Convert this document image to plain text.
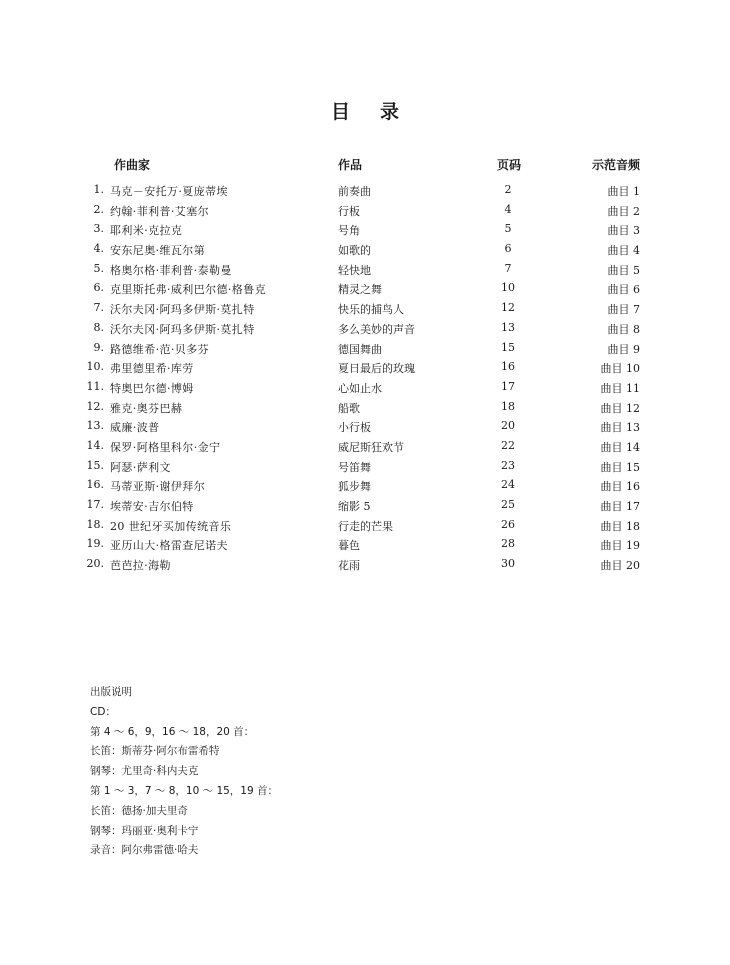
目 录
作曲家	作品	页码	示范音频
1. 马克－安托万·夏庞蒂埃	前奏曲	2	曲目 1
2. 约翰·菲利普·艾塞尔	行板	4	曲目 2
3. 耶利米·克拉克	号角	5	曲目 3
4. 安东尼奥·维瓦尔第	如歌的	6	曲目 4
5. 格奥尔格·菲利普·泰勒曼	轻快地	7	曲目 5
6. 克里斯托弗·威利巴尔德·格鲁克	精灵之舞	10	曲目 6
7. 沃尔夫冈·阿玛多伊斯·莫扎特	快乐的捕鸟人	12	曲目 7
8. 沃尔夫冈·阿玛多伊斯·莫扎特	多么美妙的声音	13	曲目 8
9. 路德维希·范·贝多芬	德国舞曲	15	曲目 9
10. 弗里德里希·库劳	夏日最后的玫瑰	16	曲目 10
11. 特奥巴尔德·博姆	心如止水	17	曲目 11
12. 雅克·奥芬巴赫	船歌	18	曲目 12
13. 威廉·波普	小行板	20	曲目 13
14. 保罗·阿格里科尔·金宁	威尼斯狂欢节	22	曲目 14
15. 阿瑟·萨利文	号笛舞	23	曲目 15
16. 马蒂亚斯·谢伊拜尔	狐步舞	24	曲目 16
17. 埃蒂安·吉尔伯特	缩影 5	25	曲目 17
18. 20 世纪牙买加传统音乐	行走的芒果	26	曲目 18
19. 亚历山大·格雷查尼诺夫	暮色	28	曲目 19
20. 芭芭拉·海勒	花雨	30	曲目 20
出版说明
CD：
第 4 ～ 6，9，16 ～ 18，20 首：
长笛：斯蒂芬·阿尔布雷希特
钢琴：尤里奇·科内夫克
第 1 ～ 3，7 ～ 8，10 ～ 15，19 首：
长笛：德扬·加夫里奇
钢琴：玛丽亚·奥利卡宁
录音：阿尔弗雷德·哈夫
